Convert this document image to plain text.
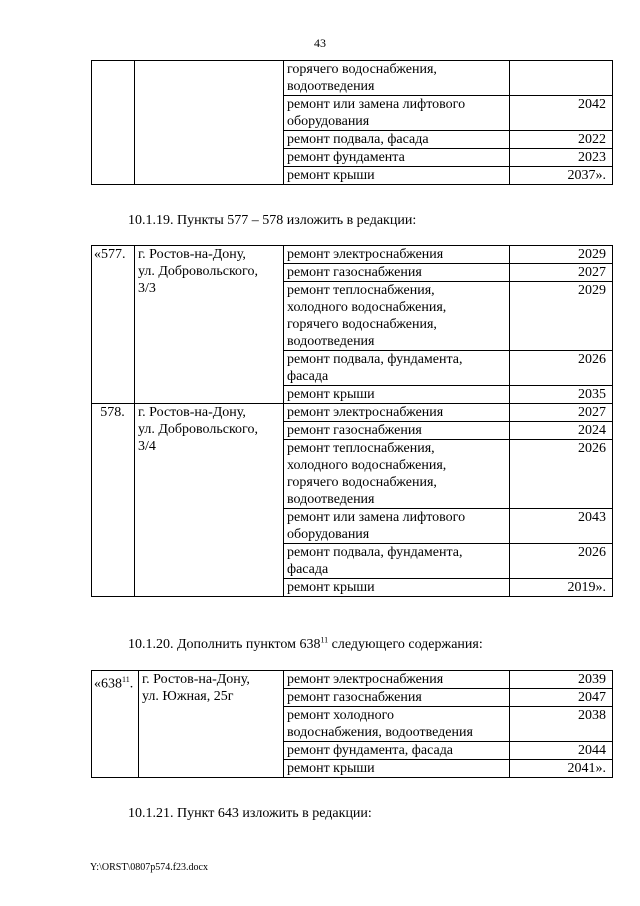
43
		горячего водоснабжения,
водоотведения	
		ремонт или замена лифтового
оборудования	2042
		ремонт подвала, фасада	2022
		ремонт фундамента	2023
		ремонт крыши	2037».
10.1.19. Пункты 577 – 578 изложить в редакции:
«577.	г. Ростов-на-Дону,
ул. Добровольского,
3/3	ремонт электроснабжения	2029
		ремонт газоснабжения	2027
		ремонт теплоснабжения,
холодного водоснабжения,
горячего водоснабжения,
водоотведения	2029
		ремонт подвала, фундамента,
фасада	2026
		ремонт крыши	2035
578.	г. Ростов-на-Дону,
ул. Добровольского,
3/4	ремонт электроснабжения	2027
		ремонт газоснабжения	2024
		ремонт теплоснабжения,
холодного водоснабжения,
горячего водоснабжения,
водоотведения	2026
		ремонт или замена лифтового
оборудования	2043
		ремонт подвала, фундамента,
фасада	2026
		ремонт крыши	2019».
10.1.20. Дополнить пунктом $638^{11}$ следующего содержания:
«$638^{11}$.	г. Ростов-на-Дону,
ул. Южная, 25г	ремонт электроснабжения	2039
		ремонт газоснабжения	2047
		ремонт холодного
водоснабжения, водоотведения	2038
		ремонт фундамента, фасада	2044
		ремонт крыши	2041».
10.1.21. Пункт 643 изложить в редакции:
Y:\ORST\0807p574.f23.docx
